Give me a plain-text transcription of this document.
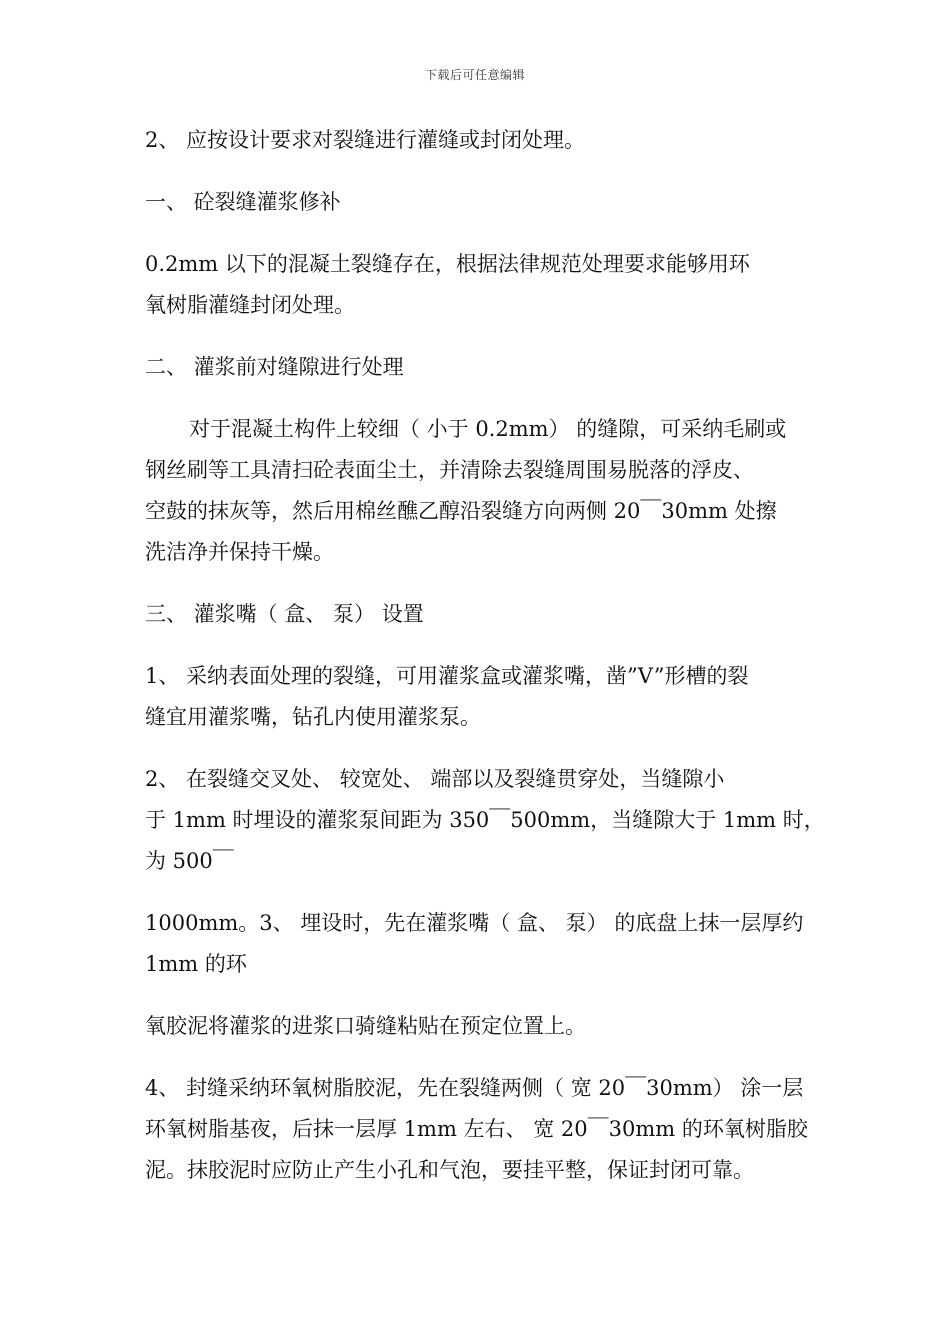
下载后可任意编辑

2、 应按设计要求对裂缝进行灌缝或封闭处理。

一、 砼裂缝灌浆修补

0.2mm 以下的混凝土裂缝存在，根据法律规范处理要求能够用环
氧树脂灌缝封闭处理。

二、 灌浆前对缝隙进行处理

对于混凝土构件上较细（ 小于 0.2mm） 的缝隙，可采纳毛刷或
钢丝刷等工具清扫砼表面尘土，并清除去裂缝周围易脱落的浮皮、
空鼓的抹灰等，然后用棉丝醮乙醇沿裂缝方向两侧 20￣30mm 处擦
洗洁净并保持干燥。

三、 灌浆嘴（ 盒、 泵） 设置

1、 采纳表面处理的裂缝，可用灌浆盒或灌浆嘴，凿”V”形槽的裂
缝宜用灌浆嘴，钻孔内使用灌浆泵。

2、 在裂缝交叉处、 较宽处、 端部以及裂缝贯穿处，当缝隙小
于 1mm 时埋设的灌浆泵间距为 350￣500mm，当缝隙大于 1mm 时，
为 500￣

1000mm。3、 埋设时，先在灌浆嘴（ 盒、 泵） 的底盘上抹一层厚约
1mm 的环

氧胶泥将灌浆的进浆口骑缝粘贴在预定位置上。

4、 封缝采纳环氧树脂胶泥，先在裂缝两侧（ 宽 20￣30mm） 涂一层
环氧树脂基夜，后抹一层厚 1mm 左右、 宽 20￣30mm 的环氧树脂胶
泥。抹胶泥时应防止产生小孔和气泡，要挂平整，保证封闭可靠。
